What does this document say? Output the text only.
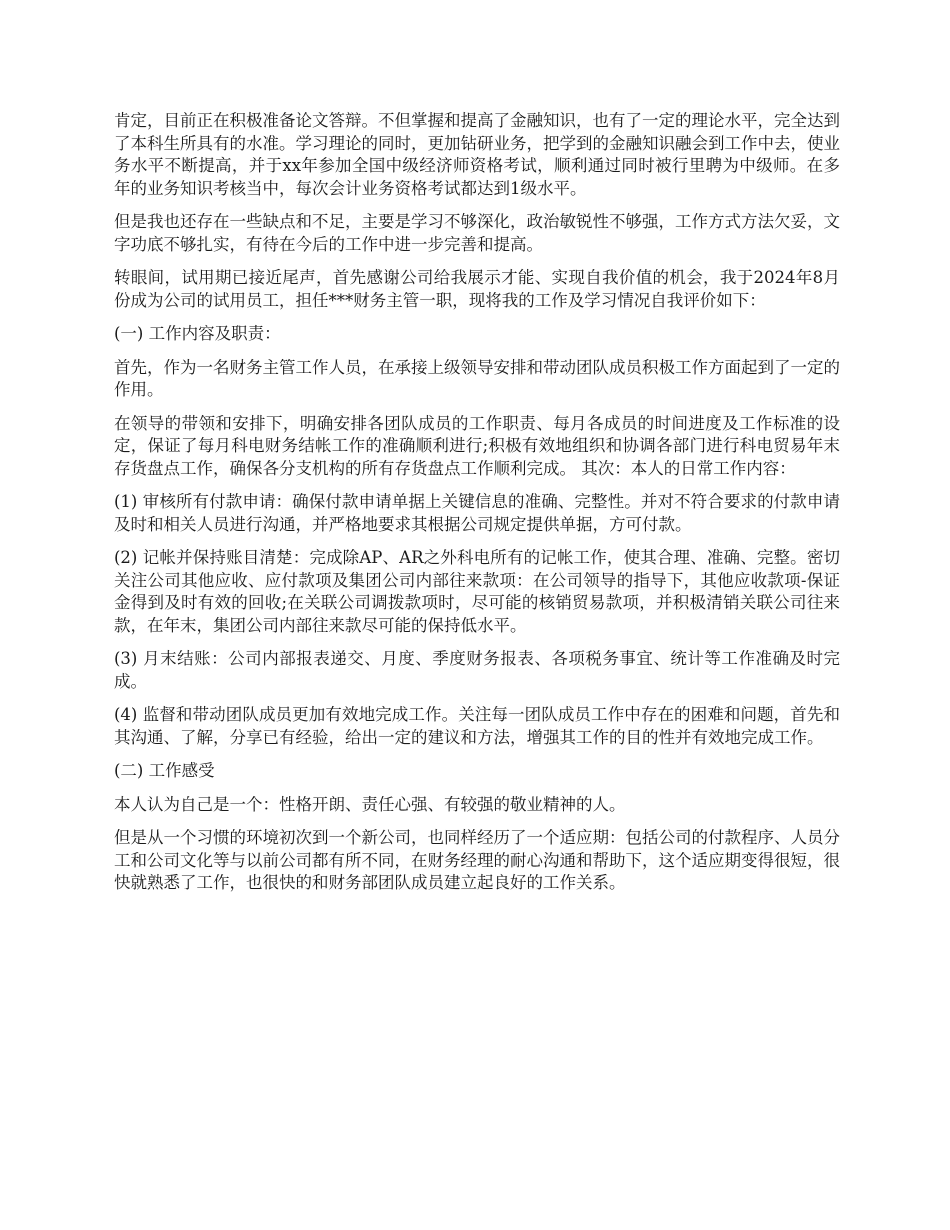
肯定，目前正在积极准备论文答辩。不但掌握和提高了金融知识，也有了一定的理论水平，完全达到了本科生所具有的水准。学习理论的同时，更加钻研业务，把学到的金融知识融会到工作中去，使业务水平不断提高，并于xx年参加全国中级经济师资格考试，顺利通过同时被行里聘为中级师。在多年的业务知识考核当中，每次会计业务资格考试都达到1级水平。

但是我也还存在一些缺点和不足，主要是学习不够深化，政治敏锐性不够强，工作方式方法欠妥，文字功底不够扎实，有待在今后的工作中进一步完善和提高。

转眼间，试用期已接近尾声，首先感谢公司给我展示才能、实现自我价值的机会，我于2024年8月份成为公司的试用员工，担任***财务主管一职，现将我的工作及学习情况自我评价如下：

(一) 工作内容及职责：

首先，作为一名财务主管工作人员，在承接上级领导安排和带动团队成员积极工作方面起到了一定的作用。

在领导的带领和安排下，明确安排各团队成员的工作职责、每月各成员的时间进度及工作标准的设定，保证了每月科电财务结帐工作的准确顺利进行;积极有效地组织和协调各部门进行科电贸易年末存货盘点工作，确保各分支机构的所有存货盘点工作顺利完成。 其次：本人的日常工作内容：

(1) 审核所有付款申请：确保付款申请单据上关键信息的准确、完整性。并对不符合要求的付款申请及时和相关人员进行沟通，并严格地要求其根据公司规定提供单据，方可付款。

(2) 记帐并保持账目清楚：完成除AP、AR之外科电所有的记帐工作，使其合理、准确、完整。密切关注公司其他应收、应付款项及集团公司内部往来款项：在公司领导的指导下，其他应收款项-保证金得到及时有效的回收;在关联公司调拨款项时，尽可能的核销贸易款项，并积极清销关联公司往来款，在年末，集团公司内部往来款尽可能的保持低水平。

(3) 月末结账：公司内部报表递交、月度、季度财务报表、各项税务事宜、统计等工作准确及时完成。

(4) 监督和带动团队成员更加有效地完成工作。关注每一团队成员工作中存在的困难和问题，首先和其沟通、了解，分享已有经验，给出一定的建议和方法，增强其工作的目的性并有效地完成工作。

(二) 工作感受

本人认为自己是一个：性格开朗、责任心强、有较强的敬业精神的人。

但是从一个习惯的环境初次到一个新公司，也同样经历了一个适应期：包括公司的付款程序、人员分工和公司文化等与以前公司都有所不同，在财务经理的耐心沟通和帮助下，这个适应期变得很短，很快就熟悉了工作，也很快的和财务部团队成员建立起良好的工作关系。
